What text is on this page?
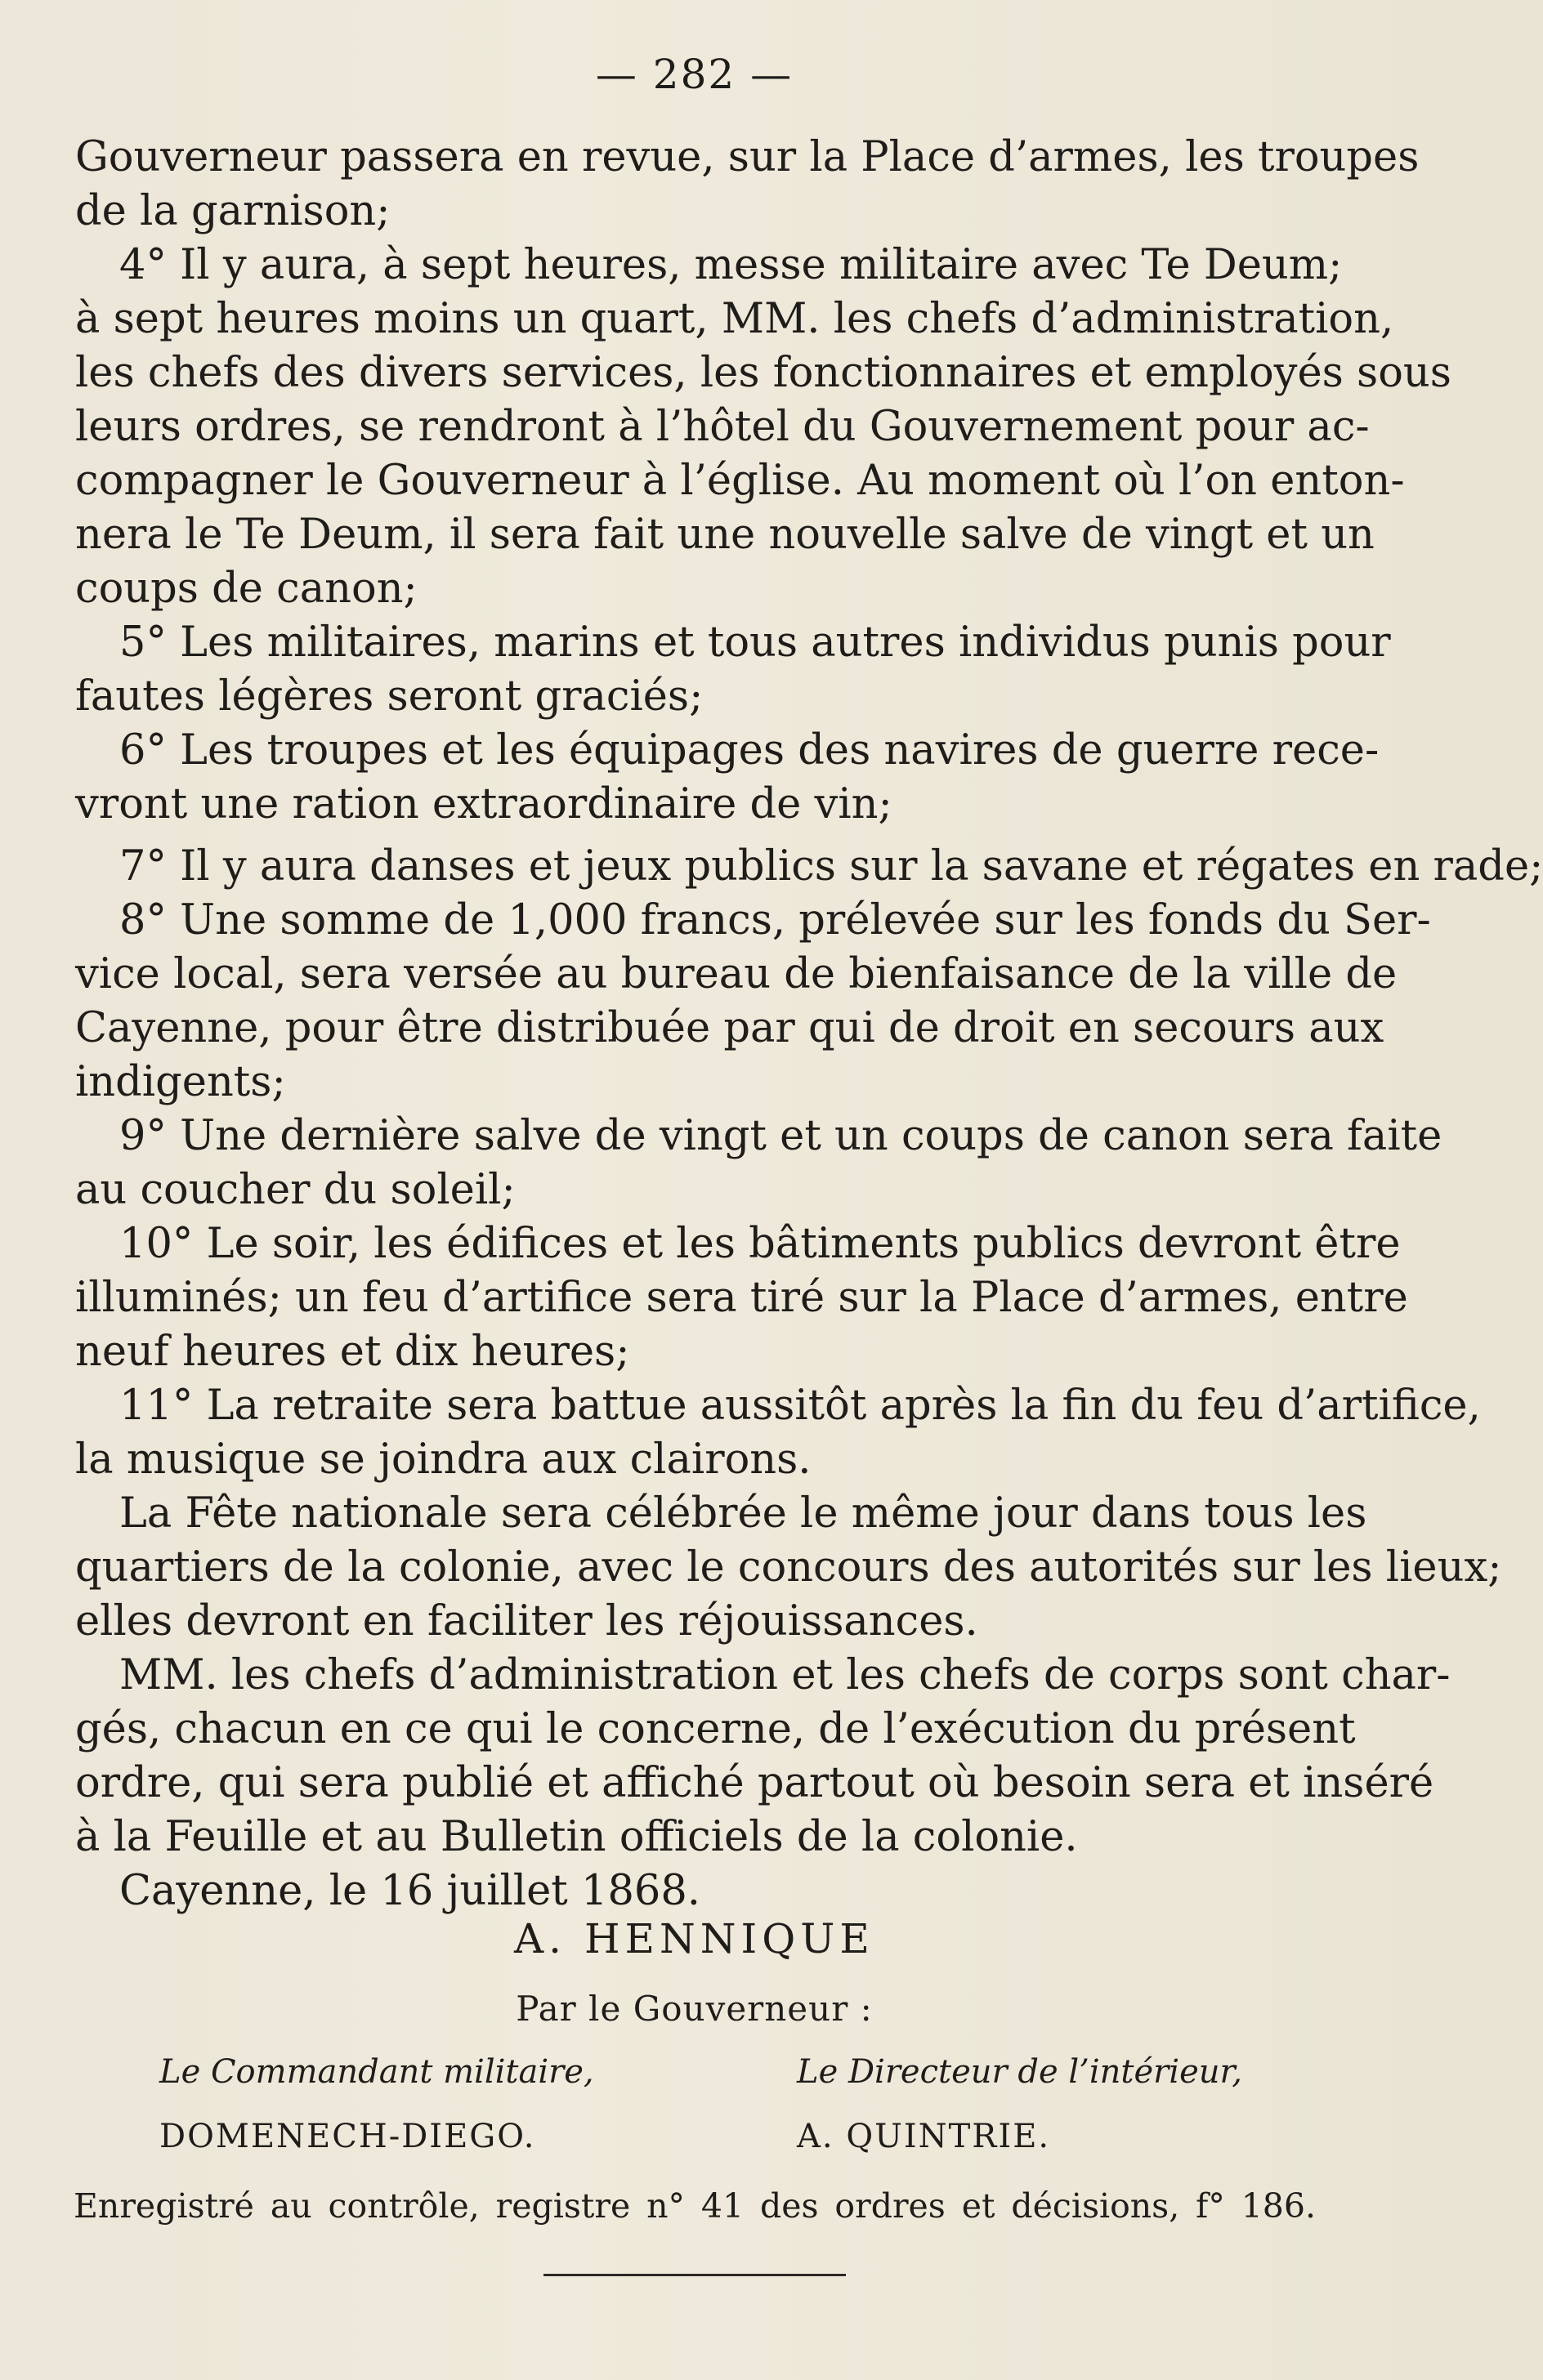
— 282 —
Gouverneur passera en revue, sur la Place d’armes, les troupes
de la garnison;
4° Il y aura, à sept heures, messe militaire avec Te Deum;
à sept heures moins un quart, MM. les chefs d’administration,
les chefs des divers services, les fonctionnaires et employés sous
leurs ordres, se rendront à l’hôtel du Gouvernement pour ac-
compagner le Gouverneur à l’église. Au moment où l’on enton-
nera le Te Deum, il sera fait une nouvelle salve de vingt et un
coups de canon;
5° Les militaires, marins et tous autres individus punis pour
fautes légères seront graciés;
6° Les troupes et les équipages des navires de guerre rece-
vront une ration extraordinaire de vin;
7° Il y aura danses et jeux publics sur la savane et régates en rade;
8° Une somme de 1,000 francs, prélevée sur les fonds du Ser-
vice local, sera versée au bureau de bienfaisance de la ville de
Cayenne, pour être distribuée par qui de droit en secours aux
indigents;
9° Une dernière salve de vingt et un coups de canon sera faite
au coucher du soleil;
10° Le soir, les édifices et les bâtiments publics devront être
illuminés; un feu d’artifice sera tiré sur la Place d’armes, entre
neuf heures et dix heures;
11° La retraite sera battue aussitôt après la fin du feu d’artifice,
la musique se joindra aux clairons.
La Fête nationale sera célébrée le même jour dans tous les
quartiers de la colonie, avec le concours des autorités sur les lieux;
elles devront en faciliter les réjouissances.
MM. les chefs d’administration et les chefs de corps sont char-
gés, chacun en ce qui le concerne, de l’exécution du présent
ordre, qui sera publié et affiché partout où besoin sera et inséré
à la Feuille et au Bulletin officiels de la colonie.
Cayenne, le 16 juillet 1868.
A. HENNIQUE
Par le Gouverneur :
Le Commandant militaire,	Le Directeur de l’intérieur,
DOMENECH-DIEGO.	A. QUINTRIE.
Enregistré au contrôle, registre n° 41 des ordres et décisions, f° 186.
